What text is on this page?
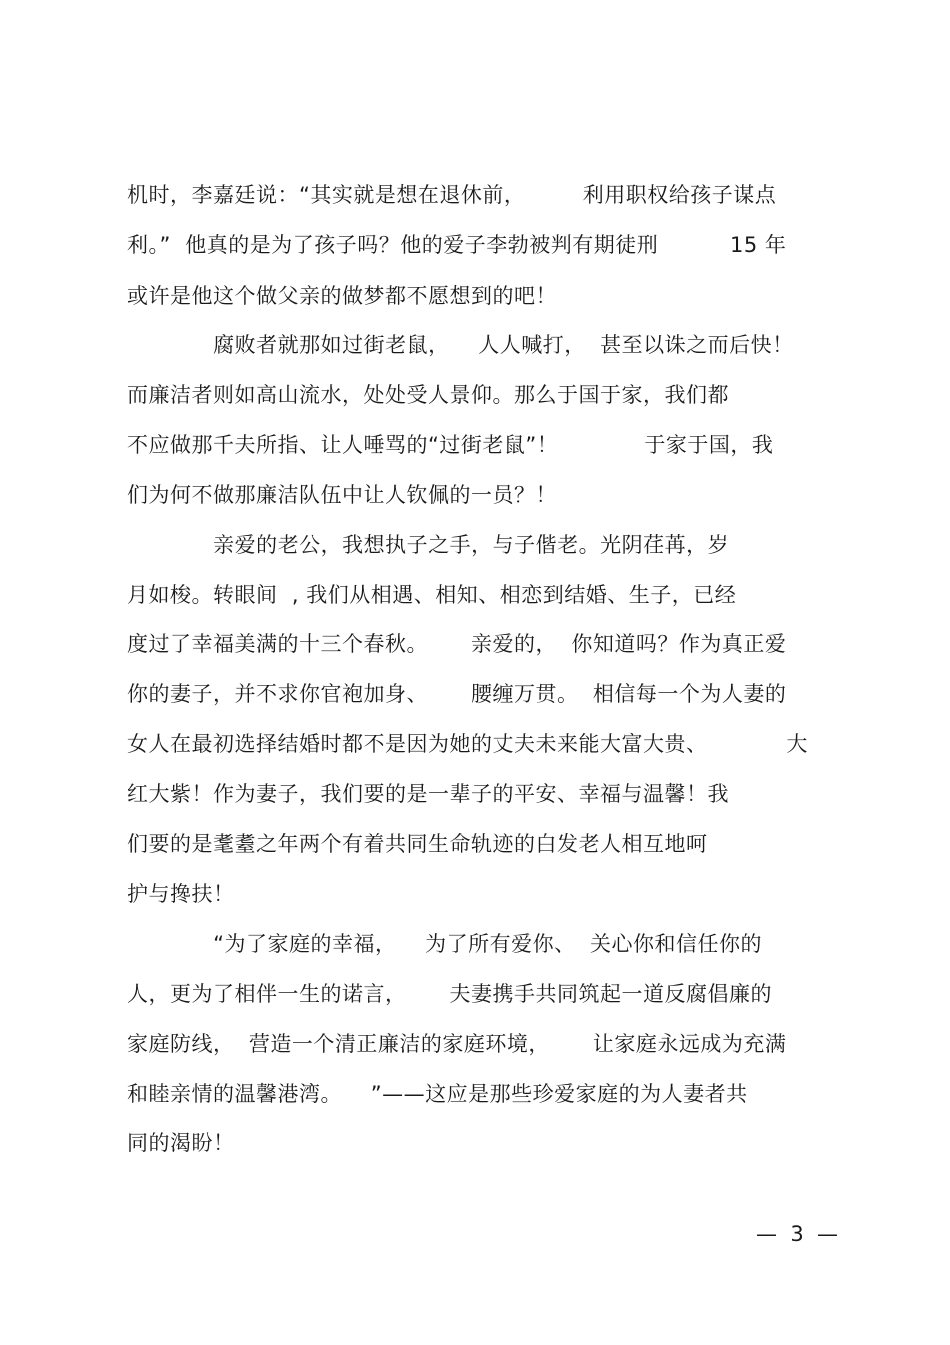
机时，李嘉廷说：“其实就是想在退休前，        利用职权给孩子谋点
利。”  他真的是为了孩子吗？他的爱子李勃被判有期徒刑          15 年
或许是他这个做父亲的做梦都不愿想到的吧！
腐败者就那如过街老鼠，    人人喊打，  甚至以诛之而后快！
而廉洁者则如高山流水，处处受人景仰。那么于国于家，我们都
不应做那千夫所指、让人唾骂的“过街老鼠”！            于家于国，我
们为何不做那廉洁队伍中让人钦佩的一员？！
亲爱的老公，我想执子之手，与子偕老。光阴荏苒，岁
月如梭。转眼间  , 我们从相遇、相知、相恋到结婚、生子，已经
度过了幸福美满的十三个春秋。      亲爱的，  你知道吗？作为真正爱
你的妻子，并不求你官袍加身、      腰缠万贯。  相信每一个为人妻的
女人在最初选择结婚时都不是因为她的丈夫未来能大富大贵、           大
红大紫！作为妻子，我们要的是一辈子的平安、幸福与温馨！我
们要的是耄耋之年两个有着共同生命轨迹的白发老人相互地呵
护与搀扶！
“为了家庭的幸福，    为了所有爱你、  关心你和信任你的
人，更为了相伴一生的诺言，      夫妻携手共同筑起一道反腐倡廉的
家庭防线，  营造一个清正廉洁的家庭环境，      让家庭永远成为充满
和睦亲情的温馨港湾。    ”——这应是那些珍爱家庭的为人妻者共
同的渴盼！
—  3  —
